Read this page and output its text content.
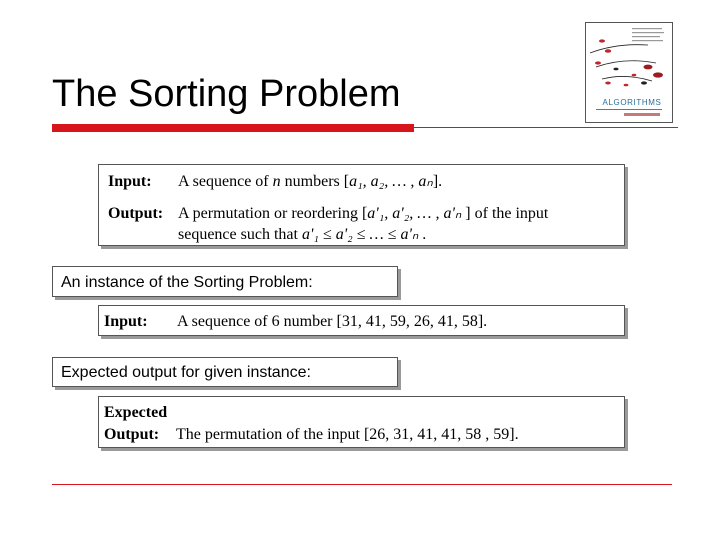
The Sorting Problem	ALGORITHMS
Input: A sequence of n numbers [a₁, a₂, … , aₙ].
Output: A permutation or reordering [a'₁, a'₂, … , a'ₙ ] of the input
sequence such that a'₁ ≤ a'₂ ≤ … ≤ a'ₙ .
An instance of the Sorting Problem:
Input: A sequence of 6 number [31, 41, 59, 26, 41, 58].
Expected output for given instance:
Expected
Output: The permutation of the input [26, 31, 41, 41, 58 , 59].
